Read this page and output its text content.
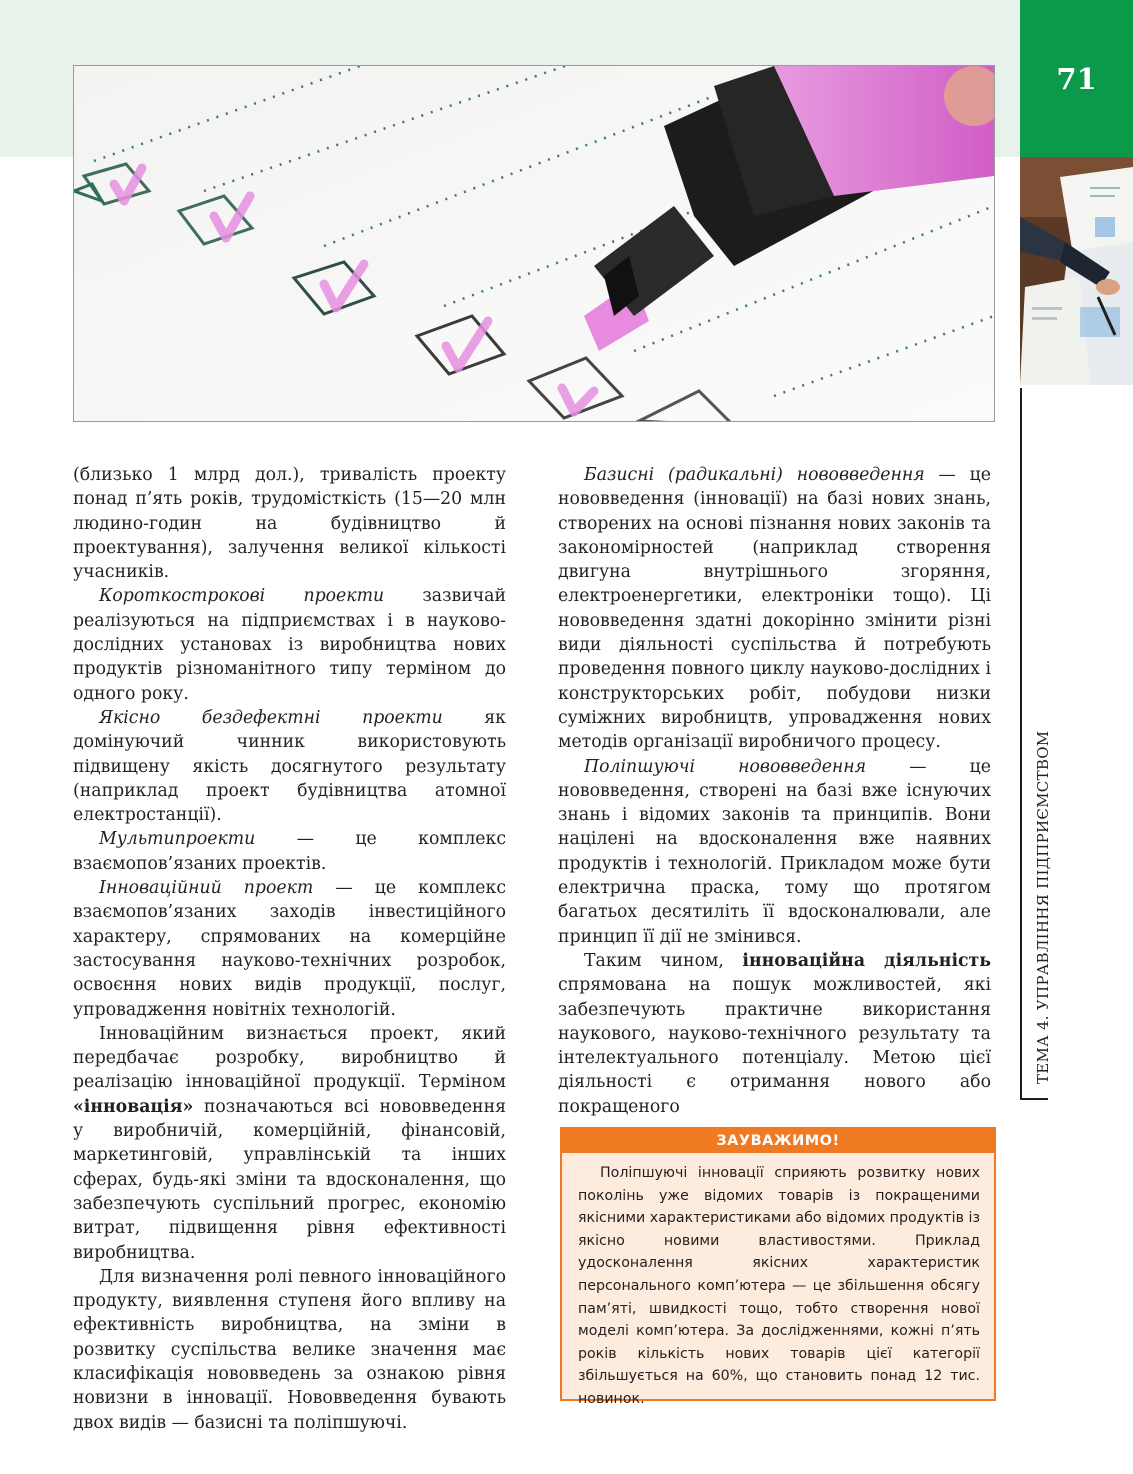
71
ТЕМА 4. УПРАВЛІННЯ ПІДПРИЄМСТВОМ

(близько 1 млрд дол.), тривалість проекту понад п’ять років, трудомісткість (15—20 млн людино-годин на будівництво й проектування), залучення великої кількості учасників.

Короткострокові проекти зазвичай реалізуються на підприємствах і в науково-дослідних установах із виробництва нових продуктів різноманітного типу терміном до одного року.

Якісно бездефектні проекти як домінуючий чинник використовують підвищену якість досягнутого результату (наприклад проект будівництва атомної електростанції).

Мультипроекти — це комплекс взаємопов’язаних проектів.

Інноваційний проект — це комплекс взаємопов’язаних заходів інвестиційного характеру, спрямованих на комерційне застосування науково-технічних розробок, освоєння нових видів продукції, послуг, упровадження новітніх технологій.

Інноваційним визнається проект, який передбачає розробку, виробництво й реалізацію інноваційної продукції. Терміном «інновація» позначаються всі нововведення у виробничій, комерційній, фінансовій, маркетинговій, управлінській та інших сферах, будь-які зміни та вдосконалення, що забезпечують суспільний прогрес, економію витрат, підвищення рівня ефективності виробництва.

Для визначення ролі певного інноваційного продукту, виявлення ступеня його впливу на ефективність виробництва, на зміни в розвитку суспільства велике значення має класифікація нововведень за ознакою рівня новизни в інновації. Нововведення бувають двох видів — базисні та поліпшуючі.

Базисні (радикальні) нововведення — це нововведення (інновації) на базі нових знань, створених на основі пізнання нових законів та закономірностей (наприклад створення двигуна внутрішнього згоряння, електроенергетики, електроніки тощо). Ці нововведення здатні докорінно змінити різні види діяльності суспільства й потребують проведення повного циклу науково-дослідних і конструкторських робіт, побудови низки суміжних виробництв, упровадження нових методів організації виробничого процесу.

Поліпшуючі нововведення — це нововведення, створені на базі вже існуючих знань і відомих законів та принципів. Вони націлені на вдосконалення вже наявних продуктів і технологій. Прикладом може бути електрична праска, тому що протягом багатьох десятиліть її вдосконалювали, але принцип її дії не змінився.

Таким чином, інноваційна діяльність спрямована на пошук можливостей, які забезпечують практичне використання наукового, науково-технічного результату та інтелектуального потенціалу. Метою цієї діяльності є отримання нового або покращеного

ЗАУВАЖИМО!
Поліпшуючі інновації сприяють розвитку нових поколінь уже відомих товарів із покращеними якісними характеристиками або відомих продуктів із якісно новими властивостями. Приклад удосконалення якісних характеристик персонального комп’ютера — це збільшення обсягу пам’яті, швидкості тощо, тобто створення нової моделі комп’ютера. За дослідженнями, кожні п’ять років кількість нових товарів цієї категорії збільшується на 60%, що становить понад 12 тис. новинок.
